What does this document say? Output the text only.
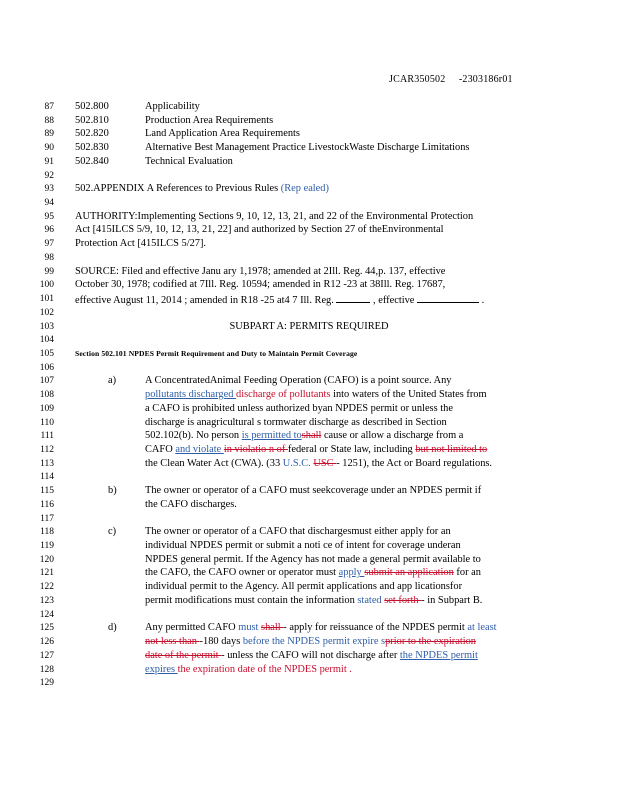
JCAR350502 -2303186r01
87 502.800	Applicability
88 502.810	Production Area Requirements
89 502.820	Land Application Area Requirements
90 502.830	Alternative Best Management Practice LivestockWaste Discharge Limitations
91 502.840	Technical Evaluation
92
93 502.APPENDIX A References to Previous Rules (Rep ealed)
94
95 AUTHORITY:Implementing Sections 9, 10, 12, 13, 21, and 22 of the Environmental Protection
96 Act [415ILCS 5/9, 10, 12, 13, 21, 22] and authorized by Section 27 of theEnvironmental
97 Protection Act [415ILCS 5/27].
98
99 SOURCE: Filed and effective Janu ary 1,1978; amended at 2Ill. Reg. 44,p. 137, effective
100 October 30, 1978; codified at 7Ill. Reg. 10594; amended in R12 -23 at 38Ill. Reg. 17687,
101 effective August 11, 2014 ; amended in R18 -25 at4 7 Ill. Reg.	, effective	.
102
103	SUBPART A: PERMITS REQUIRED
104
105	Section 502.101 NPDES Permit Requirement and Duty to Maintain Permit Coverage
106
107	a)	A ConcentratedAnimal Feeding Operation (CAFO) is a point source. Any
108	pollutants discharged discharge of pollutants into waters of the United States from
109	a CAFO is prohibited unless authorized byan NPDES permit or unless the
110	discharge is anagricultural s tormwater discharge as described in Section
111	502.102(b). No person is permitted toshall cause or allow a discharge from a
112	CAFO and violate in violatio n of federal or State law, including but not limited to
113	the Clean Water Act (CWA). (33 U.S.C. USC - 1251), the Act or Board regulations.
114
115	b)	The owner or operator of a CAFO must seekcoverage under an NPDES permit if
116	the CAFO discharges.
117
118	c)	The owner or operator of a CAFO that dischargesmust either apply for an
119	individual NPDES permit or submit a noti ce of intent for coverage underan
120	NPDES general permit. If the Agency has not made a general permit available to
121	the CAFO, the CAFO owner or operator must apply submit an application for an
122	individual permit to the Agency. All permit applications and app licationsfor
123	permit modifications must contain the information stated set forth - in Subpart B.
124
125	d)	Any permitted CAFO must shall - apply for reissuance of the NPDES permit at least
126	not less than -180 days before the NPDES permit expire sprior to the expiration
127	date of the permit - unless the CAFO will not discharge after the NPDES permit
128	expires the expiration date of the NPDES permit .
129
